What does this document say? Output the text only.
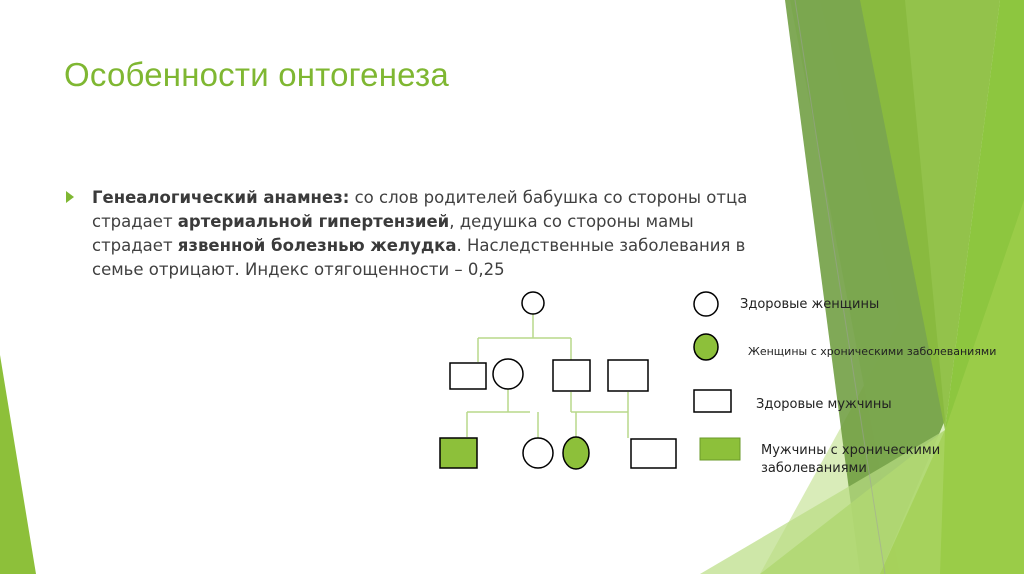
Особенности онтогенеза
Генеалогический анамнез: со слов родителей бабушка со стороны отца страдает артериальной гипертензией, дедушка со стороны мамы страдает язвенной болезнью желудка. Наследственные заболевания в семье отрицают. Индекс отягощенности – 0,25
Здоровые женщины
Женщины с хроническими заболеваниями
Здоровые мужчины
Мужчины с хроническими
заболеваниями
